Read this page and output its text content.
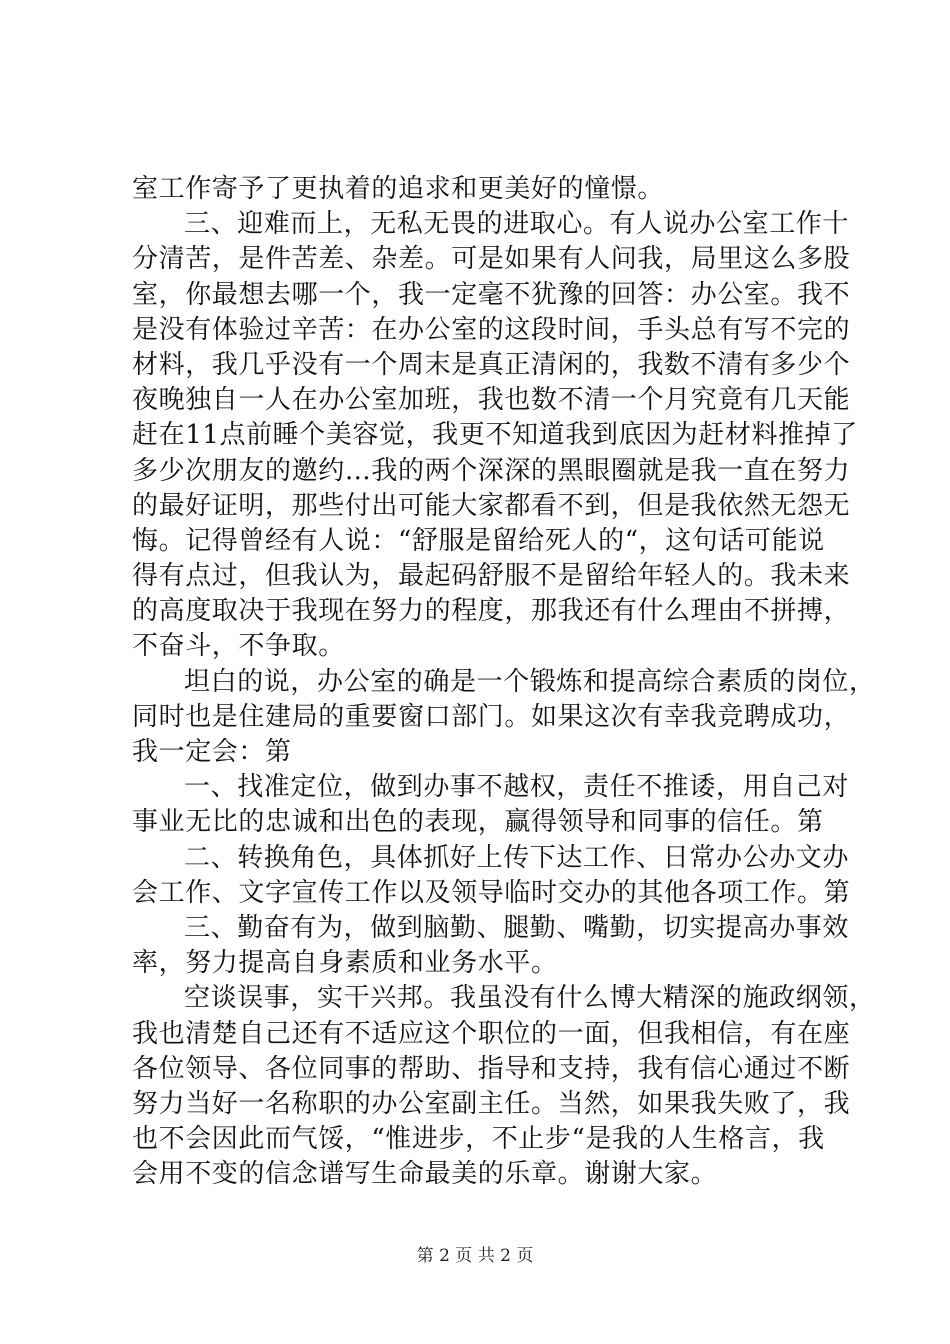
室工作寄予了更执着的追求和更美好的憧憬。
三、迎难而上，无私无畏的进取心。有人说办公室工作十
分清苦，是件苦差、杂差。可是如果有人问我，局里这么多股
室，你最想去哪一个，我一定毫不犹豫的回答：办公室。我不
是没有体验过辛苦：在办公室的这段时间，手头总有写不完的
材料，我几乎没有一个周末是真正清闲的，我数不清有多少个
夜晚独自一人在办公室加班，我也数不清一个月究竟有几天能
赶在11点前睡个美容觉，我更不知道我到底因为赶材料推掉了
多少次朋友的邀约…我的两个深深的黑眼圈就是我一直在努力
的最好证明，那些付出可能大家都看不到，但是我依然无怨无
悔。记得曾经有人说：“舒服是留给死人的“，这句话可能说
得有点过，但我认为，最起码舒服不是留给年轻人的。我未来
的高度取决于我现在努力的程度，那我还有什么理由不拼搏，
不奋斗，不争取。
坦白的说，办公室的确是一个锻炼和提高综合素质的岗位，
同时也是住建局的重要窗口部门。如果这次有幸我竞聘成功，
我一定会：第
一、找准定位，做到办事不越权，责任不推诿，用自己对
事业无比的忠诚和出色的表现，赢得领导和同事的信任。第
二、转换角色，具体抓好上传下达工作、日常办公办文办
会工作、文字宣传工作以及领导临时交办的其他各项工作。第
三、勤奋有为，做到脑勤、腿勤、嘴勤，切实提高办事效
率，努力提高自身素质和业务水平。
空谈误事，实干兴邦。我虽没有什么博大精深的施政纲领，
我也清楚自己还有不适应这个职位的一面，但我相信，有在座
各位领导、各位同事的帮助、指导和支持，我有信心通过不断
努力当好一名称职的办公室副主任。当然，如果我失败了，我
也不会因此而气馁，“惟进步，不止步“是我的人生格言，我
会用不变的信念谱写生命最美的乐章。谢谢大家。
第 2 页 共 2 页
